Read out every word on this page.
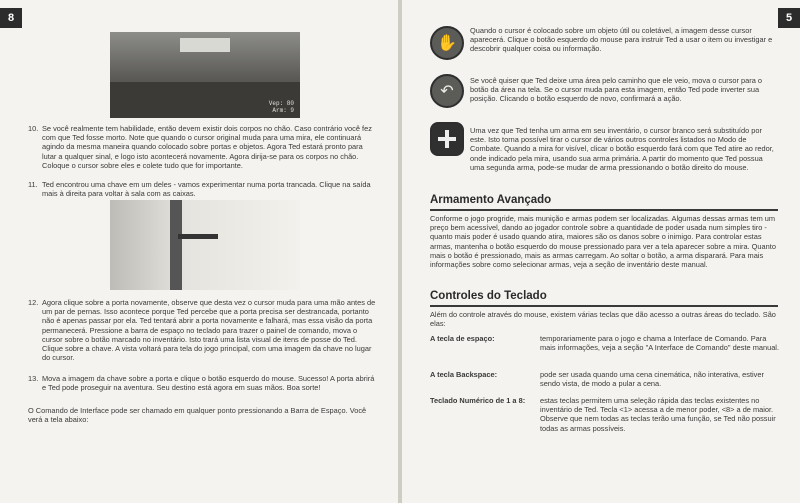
8
Vep: 80
Arm: 9
10. Se você realmente tem habilidade, então devem existir dois corpos no chão. Caso contrário você fez com que Ted fosse morto. Note que quando o cursor original muda para uma mira, ele continuará agindo da mesma maneira quando colocado sobre portas e objetos. Agora Ted estará pronto para lutar a qualquer sinal, e logo isto acontecerá novamente. Agora dirija-se para os corpos no chão. Coloque o cursor sobre eles e colete tudo que for importante.
11. Ted encontrou uma chave em um deles - vamos experimentar numa porta trancada. Clique na saída mais à direita para voltar à sala com as caixas.
12. Agora clique sobre a porta novamente, observe que desta vez o cursor muda para uma mão antes de um par de pernas. Isso acontece porque Ted percebe que a porta precisa ser destrancada, portanto não é apenas passar por ela. Ted tentará abrir a porta novamente e falhará, mas essa visão da porta permanecerá. Pressione a barra de espaço no teclado para trazer o painel de comando, mova o cursor sobre o botão marcado no inventário. Isto trará uma lista visual de itens de posse do Ted. Clique sobre a chave. A vista voltará para tela do jogo principal, com uma imagem da chave no lugar do cursor.
13. Mova a imagem da chave sobre a porta e clique o botão esquerdo do mouse. Sucesso! A porta abrirá e Ted pode proseguir na aventura. Seu destino está agora em suas mãos. Boa sorte!
O Comando de Interface pode ser chamado em qualquer ponto pressionando a Barra de Espaço. Você verá a tela abaixo:
5
✋
Quando o cursor é colocado sobre um objeto útil ou coletável, a imagem desse cursor aparecerá. Clique o botão esquerdo do mouse para instruir Ted a usar o item ou investigar e descobrir qualquer coisa ou informação.
↶
Se você quiser que Ted deixe uma área pelo caminho que ele veio, mova o cursor para o botão da área na tela. Se o cursor muda para esta imagem, então Ted pode inverter sua posição. Clicando o botão esquerdo de novo, confirmará a ação.
Uma vez que Ted tenha um arma em seu inventário, o cursor branco será substituído por este. Isto torna possível tirar o cursor de vários outros controles listados no Modo de Combate. Quando a mira for visível, clicar o botão esquerdo fará com que Ted atire ao redor, onde indicado pela mira, usando sua arma primária. A partir do momento que Ted possua uma segunda arma, pode-se mudar de arma pressionando o botão direito do mouse.
Armamento Avançado
Conforme o jogo progride, mais munição e armas podem ser localizadas. Algumas dessas armas tem um preço bem acessível, dando ao jogador controle sobre a quantidade de poder usada num simples tiro - quanto mais poder é usado quando atira, maiores são os danos sobre o inimigo. Para controlar estas armas, mantenha o botão esquerdo do mouse pressionado para ver a tela aparecer sobre a mira. Quanto mais o botão é pressionado, mais as armas carregam. Ao soltar o botão, a arma disparará. Para mais informações sobre como selecionar armas, veja a seção de inventário deste manual.
Controles do Teclado
Além do controle através do mouse, existem várias teclas que dão acesso a outras áreas do teclado. São elas:
A tecla de espaço:	temporariamente para o jogo e chama a Interface de Comando. Para mais informações, veja a seção "A Interface de Comando" deste manual.
A tecla Backspace:	pode ser usada quando uma cena cinemática, não interativa, estiver sendo vista, de modo a pular a cena.
Teclado Numérico de 1 a 8:	estas teclas permitem uma seleção rápida das teclas existentes no inventário de Ted. Tecla <1> acessa a de menor poder, <8> a de maior. Observe que nem todas as teclas terão uma função, se Ted não possuir todas as armas possíveis.
